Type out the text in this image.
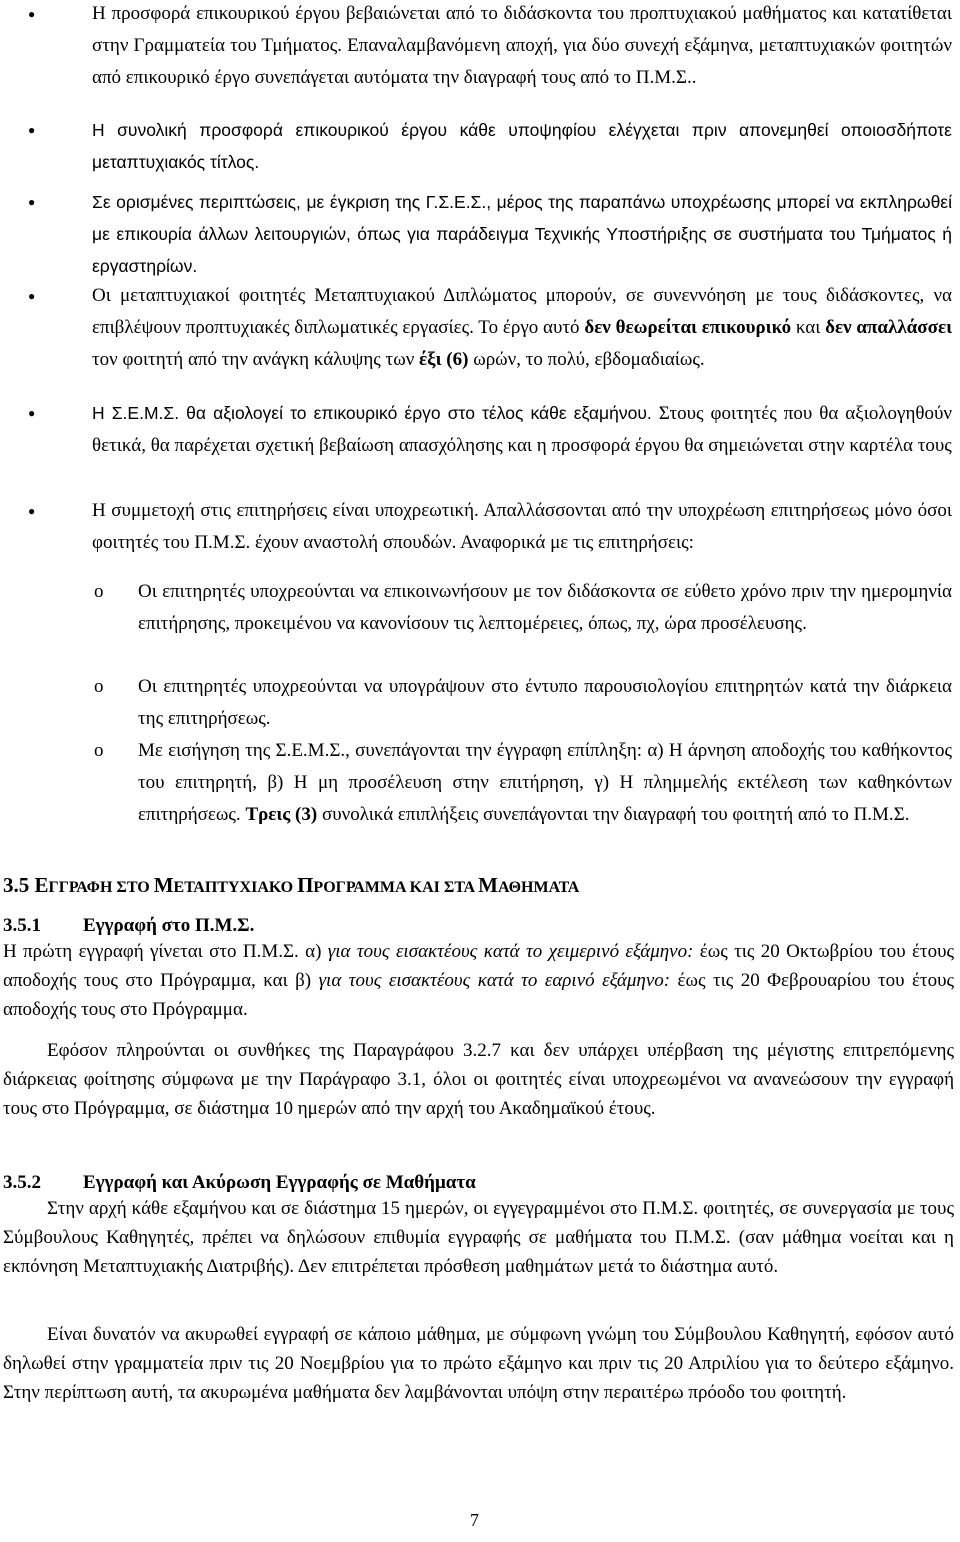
●	Η προσφορά επικουρικού έργου βεβαιώνεται από το διδάσκοντα του προπτυχιακού μαθήματος και κατατίθεται στην Γραμματεία του Τμήματος. Επαναλαμβανόμενη αποχή, για δύο συνεχή εξάμηνα, μεταπτυχιακών φοιτητών από επικουρικό έργο συνεπάγεται αυτόματα την διαγραφή τους από το Π.Μ.Σ..
●	Η συνολική προσφορά επικουρικού έργου κάθε υποψηφίου ελέγχεται πριν απονεμηθεί οποιοσδήποτε μεταπτυχιακός τίτλος.
●	Σε ορισμένες περιπτώσεις, με έγκριση της Γ.Σ.Ε.Σ., μέρος της παραπάνω υποχρέωσης μπορεί να εκπληρωθεί με επικουρία άλλων λειτουργιών, όπως για παράδειγμα Τεχνικής Υποστήριξης σε συστήματα του Τμήματος ή εργαστηρίων.
●	Οι μεταπτυχιακοί φοιτητές Μεταπτυχιακού Διπλώματος μπορούν, σε συνεννόηση με τους διδάσκοντες, να επιβλέψουν προπτυχιακές διπλωματικές εργασίες. Το έργο αυτό δεν θεωρείται επικουρικό και δεν απαλλάσσει τον φοιτητή από την ανάγκη κάλυψης των έξι (6) ωρών, το πολύ, εβδομαδιαίως.
●	Η Σ.Ε.Μ.Σ. θα αξιολογεί το επικουρικό έργο στο τέλος κάθε εξαμήνου. Στους φοιτητές που θα αξιολογηθούν θετικά, θα παρέχεται σχετική βεβαίωση απασχόλησης και η προσφορά έργου θα σημειώνεται στην καρτέλα τους
●	Η συμμετοχή στις επιτηρήσεις είναι υποχρεωτική. Απαλλάσσονται από την υποχρέωση επιτηρήσεως μόνο όσοι φοιτητές του Π.Μ.Σ. έχουν αναστολή σπουδών. Αναφορικά με τις επιτηρήσεις:
o Οι επιτηρητές υποχρεούνται να επικοινωνήσουν με τον διδάσκοντα σε εύθετο χρόνο πριν την ημερομηνία επιτήρησης, προκειμένου να κανονίσουν τις λεπτομέρειες, όπως, πχ, ώρα προσέλευσης.
o Οι επιτηρητές υποχρεούνται να υπογράψουν στο έντυπο παρουσιολογίου επιτηρητών κατά την διάρκεια της επιτηρήσεως.
o Με εισήγηση της Σ.Ε.Μ.Σ., συνεπάγονται την έγγραφη επίπληξη: α) Η άρνηση αποδοχής του καθήκοντος του επιτηρητή, β) Η μη προσέλευση στην επιτήρηση, γ) Η πλημμελής εκτέλεση των καθηκόντων επιτηρήσεως. Τρεις (3) συνολικά επιπλήξεις συνεπάγονται την διαγραφή του φοιτητή από το Π.Μ.Σ.
3.5 ΕΓΓΡΑΦΗ ΣΤΟ ΜΕΤΑΠΤΥΧΙΑΚΟ ΠΡΟΓΡΑΜΜΑ ΚΑΙ ΣΤΑ ΜΑΘΗΜΑΤΑ
3.5.1 Εγγραφή στο Π.Μ.Σ.
Η πρώτη εγγραφή γίνεται στο Π.Μ.Σ. α) για τους εισακτέους κατά το χειμερινό εξάμηνο: έως τις 20 Οκτωβρίου του έτους αποδοχής τους στο Πρόγραμμα, και β) για τους εισακτέους κατά το εαρινό εξάμηνο: έως τις 20 Φεβρουαρίου του έτους αποδοχής τους στο Πρόγραμμα.
Εφόσον πληρούνται οι συνθήκες της Παραγράφου 3.2.7 και δεν υπάρχει υπέρβαση της μέγιστης επιτρεπόμενης διάρκειας φοίτησης σύμφωνα με την Παράγραφο 3.1, όλοι οι φοιτητές είναι υποχρεωμένοι να ανανεώσουν την εγγραφή τους στο Πρόγραμμα, σε διάστημα 10 ημερών από την αρχή του Ακαδημαϊκού έτους.
3.5.2 Εγγραφή και Ακύρωση Εγγραφής σε Μαθήματα
Στην αρχή κάθε εξαμήνου και σε διάστημα 15 ημερών, οι εγγεγραμμένοι στο Π.Μ.Σ. φοιτητές, σε συνεργασία με τους Σύμβουλους Καθηγητές, πρέπει να δηλώσουν επιθυμία εγγραφής σε μαθήματα του Π.Μ.Σ. (σαν μάθημα νοείται και η εκπόνηση Μεταπτυχιακής Διατριβής). Δεν επιτρέπεται πρόσθεση μαθημάτων μετά το διάστημα αυτό.
Είναι δυνατόν να ακυρωθεί εγγραφή σε κάποιο μάθημα, με σύμφωνη γνώμη του Σύμβουλου Καθηγητή, εφόσον αυτό δηλωθεί στην γραμματεία πριν τις 20 Νοεμβρίου για το πρώτο εξάμηνο και πριν τις 20 Απριλίου για το δεύτερο εξάμηνο. Στην περίπτωση αυτή, τα ακυρωμένα μαθήματα δεν λαμβάνονται υπόψη στην περαιτέρω πρόοδο του φοιτητή.
7
